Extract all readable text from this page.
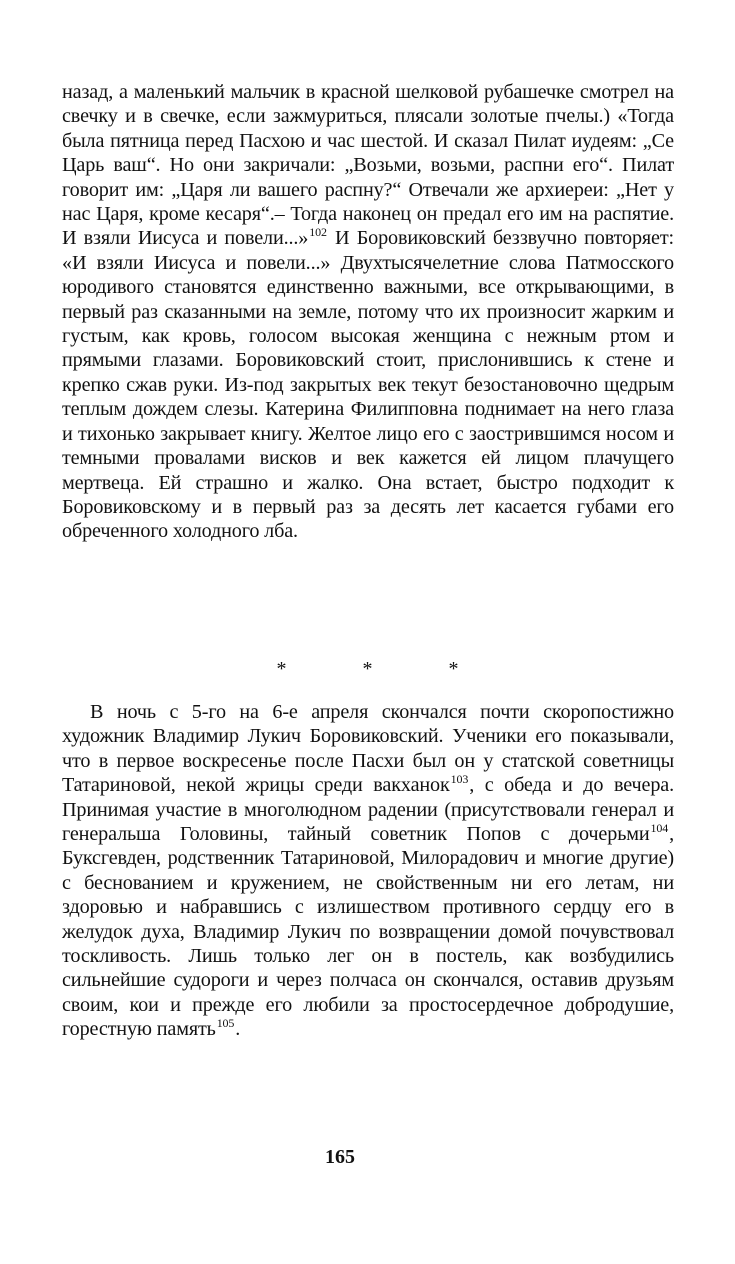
назад, а маленький мальчик в красной шелковой рубашечке смотрел на свечку и в свечке, если зажмуриться, плясали золотые пчелы.) «Тогда была пятница перед Пасхою и час шестой. И сказал Пилат иудеям: „Се Царь ваш“. Но они закричали: „Возьми, возьми, распни его“. Пилат говорит им: „Царя ли вашего распну?“ Отвечали же архиереи: „Нет у нас Царя, кроме кесаря“.– Тогда наконец он предал его им на распятие. И взяли Иисуса и повели...»$^{102}$ И Боровиковский беззвучно повторяет: «И взяли Иисуса и повели...» Двухтысячелетние слова Патмосского юродивого становятся единственно важными, все открывающими, в первый раз сказанными на земле, потому что их произносит жарким и густым, как кровь, голосом высокая женщина с нежным ртом и прямыми глазами. Боровиковский стоит, прислонившись к стене и крепко сжав руки. Из-под закрытых век текут безостановочно щедрым теплым дождем слезы. Катерина Филипповна поднимает на него глаза и тихонько закрывает книгу. Желтое лицо его с заострившимся носом и темными провалами висков и век кажется ей лицом плачущего мертвеца. Ей страшно и жалко. Она встает, быстро подходит к Боровиковскому и в первый раз за десять лет касается губами его обреченного холодного лба.

*	*	*

В ночь с 5-го на 6-е апреля скончался почти скоропостижно художник Владимир Лукич Боровиковский. Ученики его показывали, что в первое воскресенье после Пасхи был он у статской советницы Татариновой, некой жрицы среди вакханок$^{103}$, с обеда и до вечера. Принимая участие в многолюдном радении (присутствовали генерал и генеральша Головины, тайный советник Попов с дочерьми$^{104}$, Буксгевден, родственник Татариновой, Милорадович и многие другие) с беснованием и кружением, не свойственным ни его летам, ни здоровью и набравшись с излишеством противного сердцу его в желудок духа, Владимир Лукич по возвращении домой почувствовал тоскливость. Лишь только лег он в постель, как возбудились сильнейшие судороги и через полчаса он скончался, оставив друзьям своим, кои и прежде его любили за простосердечное добродушие, горестную память$^{105}$.

165
